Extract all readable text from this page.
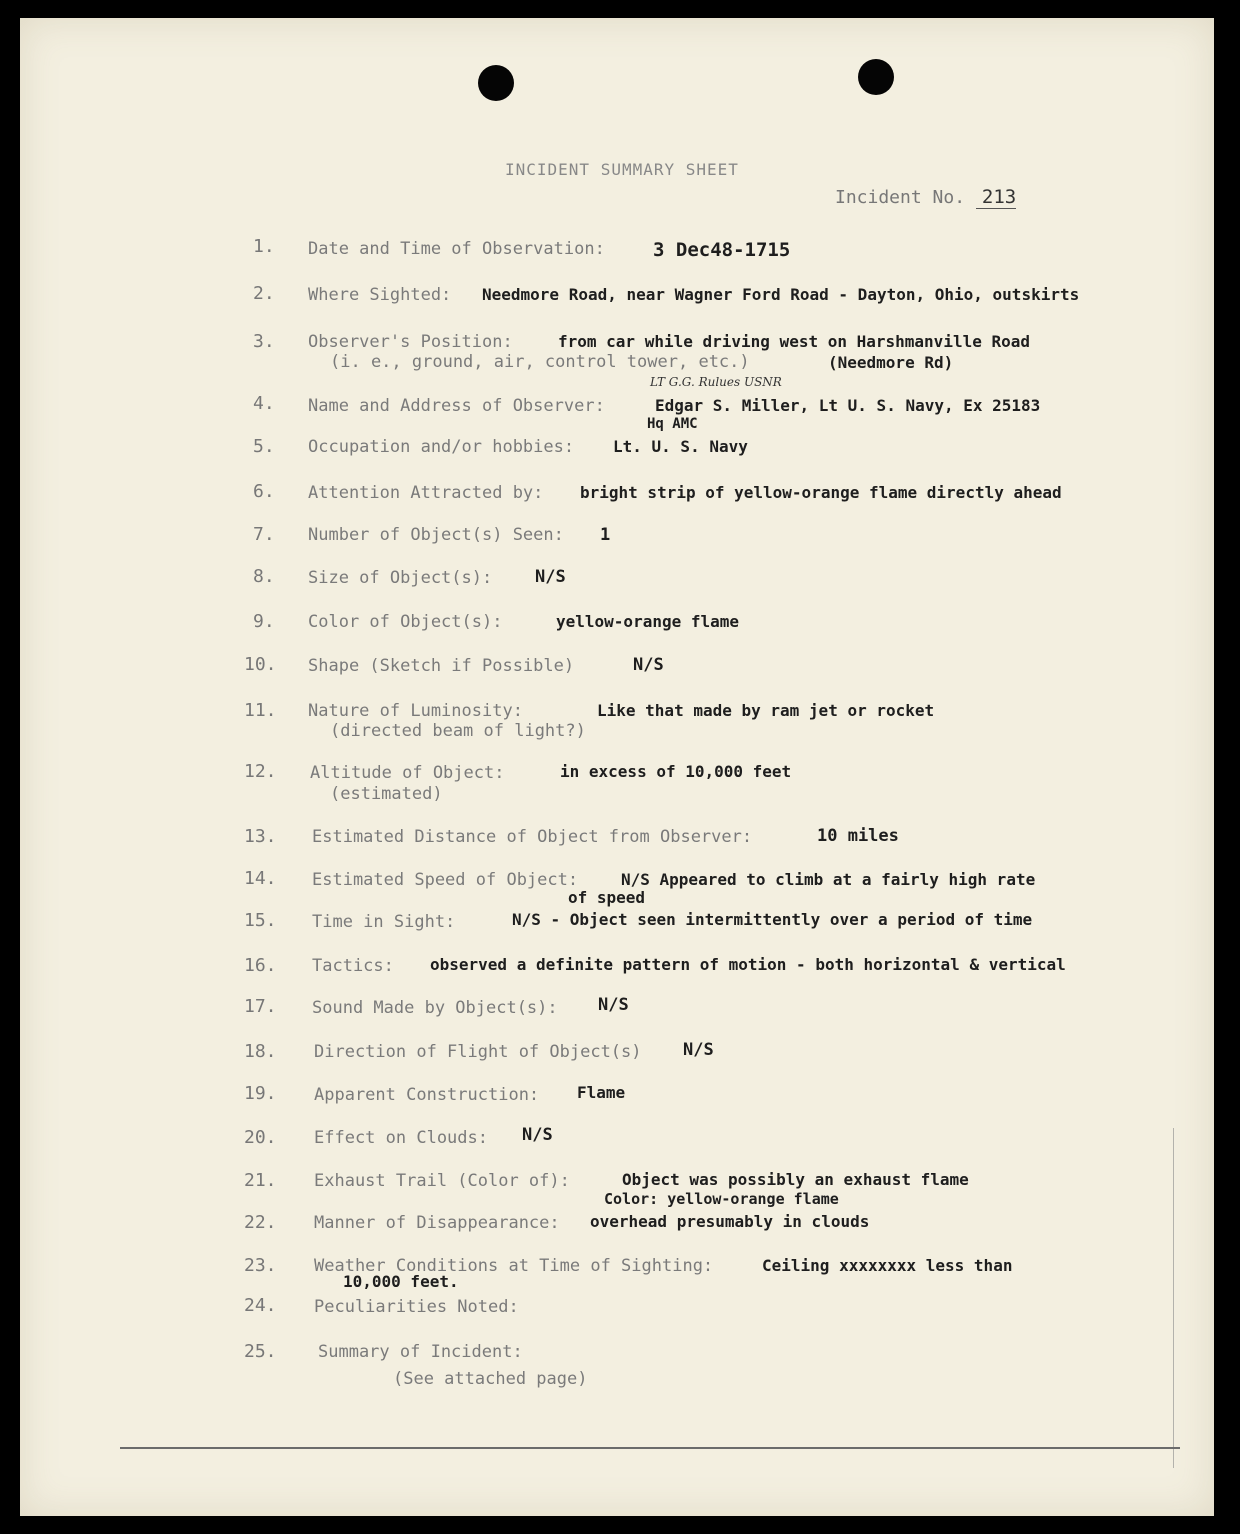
INCIDENT SUMMARY SHEET
Incident No. 213
1. Date and Time of Observation:	3 Dec48-1715
2. Where Sighted: Needmore Road, near Wagner Ford Road - Dayton, Ohio, outskirts
3. Observer's Position:
(i. e., ground, air, control tower, etc.)
from car while driving west on Harshmanville Road
(Needmore Rd)
LT G.G. Rulues USNR
4. Name and Address of Observer:	Edgar S. Miller, Lt U. S. Navy, Ex 25183
Hq AMC
5. Occupation and/or hobbies: Lt. U. S. Navy
6. Attention Attracted by: bright strip of yellow-orange flame directly ahead
7. Number of Object(s) Seen: 1
8. Size of Object(s):	N/S
9. Color of Object(s):	yellow-orange flame
10. Shape (Sketch if Possible)	N/S
11. Nature of Luminosity:
(directed beam of light?)
Like that made by ram jet or rocket
12. Altitude of Object:
(estimated)
in excess of 10,000 feet
13. Estimated Distance of Object from Observer:	10 miles
14. Estimated Speed of Object:	N/S Appeared to climb at a fairly high rate
of speed
15. Time in Sight:	N/S - Object seen intermittently over a period of time
16. Tactics: observed a definite pattern of motion - both horizontal & vertical
17. Sound Made by Object(s): N/S
18. Direction of Flight of Object(s) N/S
19. Apparent Construction: Flame
20. Effect on Clouds: N/S
21. Exhaust Trail (Color of):	Object was possibly an exhaust flame
Color: yellow-orange flame
22. Manner of Disappearance: overhead presumably in clouds
23. Weather Conditions at Time of Sighting:	Ceiling xxxxxxxx less than
10,000 feet.
24. Peculiarities Noted:
25. Summary of Incident:
(See attached page)
